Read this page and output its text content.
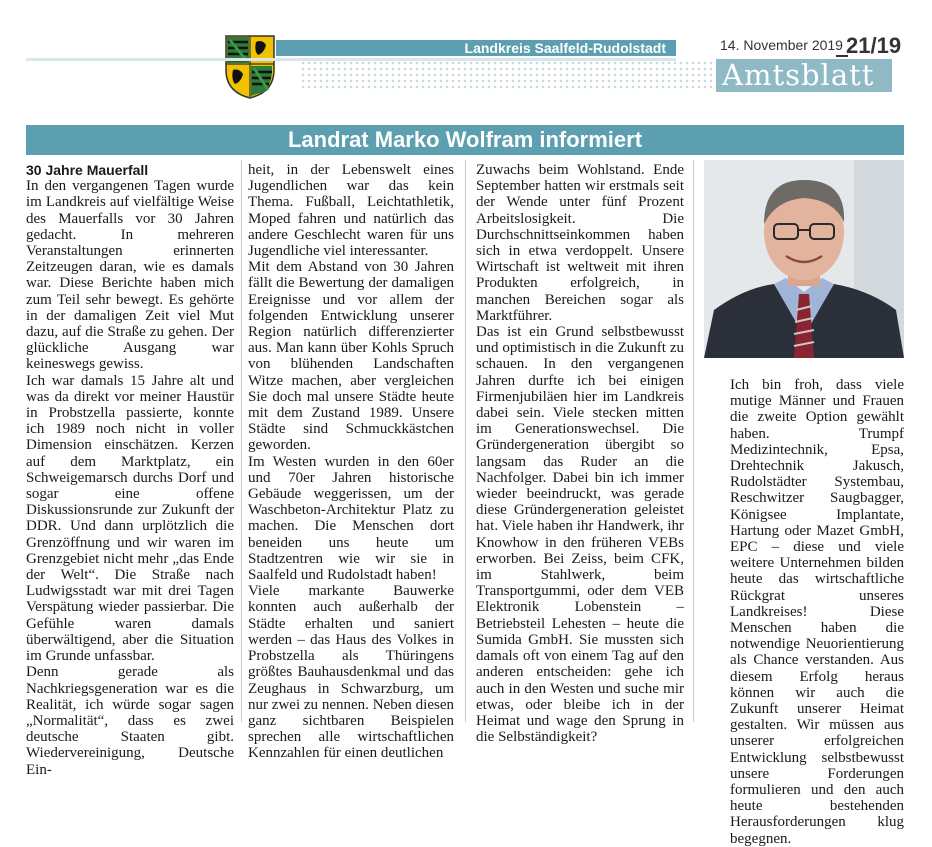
Landkreis Saalfeld-Rudolstadt	14. November 2019 21/19
Amtsblatt
Landrat Marko Wolfram informiert

30 Jahre Mauerfall

In den vergangenen Tagen wurde im Landkreis auf vielfältige Weise des Mauerfalls vor 30 Jahren gedacht. In mehreren Veranstaltungen erinnerten Zeitzeugen daran, wie es damals war. Diese Berichte haben mich zum Teil sehr bewegt. Es gehörte in der damaligen Zeit viel Mut dazu, auf die Straße zu gehen. Der glückliche Ausgang war keineswegs gewiss.

Ich war damals 15 Jahre alt und was da direkt vor meiner Haustür in Probstzella passierte, konnte ich 1989 noch nicht in voller Dimension einschätzen. Kerzen auf dem Marktplatz, ein Schweigemarsch durchs Dorf und sogar eine offene Diskussionsrunde zur Zukunft der DDR. Und dann urplötzlich die Grenzöffnung und wir waren im Grenzgebiet nicht mehr „das Ende der Welt“. Die Straße nach Ludwigsstadt war mit drei Tagen Verspätung wieder passierbar. Die Gefühle waren damals überwältigend, aber die Situation im Grunde unfassbar.

Denn gerade als Nachkriegsgeneration war es die Realität, ich würde sogar sagen „Normalität“, dass es zwei deutsche Staaten gibt. Wiedervereinigung, Deutsche Ein-

heit, in der Lebenswelt eines Jugendlichen war das kein Thema. Fußball, Leichtathletik, Moped fahren und natürlich das andere Geschlecht waren für uns Jugendliche viel interessanter.

Mit dem Abstand von 30 Jahren fällt die Bewertung der damaligen Ereignisse und vor allem der folgenden Entwicklung unserer Region natürlich differenzierter aus. Man kann über Kohls Spruch von blühenden Landschaften Witze machen, aber vergleichen Sie doch mal unsere Städte heute mit dem Zustand 1989. Unsere Städte sind Schmuckkästchen geworden.

Im Westen wurden in den 60er und 70er Jahren historische Gebäude weggerissen, um der Waschbeton-Architektur Platz zu machen. Die Menschen dort beneiden uns heute um Stadtzentren wie wir sie in Saalfeld und Rudolstadt haben!

Viele markante Bauwerke konnten auch außerhalb der Städte erhalten und saniert werden – das Haus des Volkes in Probstzella als Thüringens größtes Bauhausdenkmal und das Zeughaus in Schwarzburg, um nur zwei zu nennen. Neben diesen ganz sichtbaren Beispielen sprechen alle wirtschaftlichen Kennzahlen für einen deutlichen

Zuwachs beim Wohlstand. Ende September hatten wir erstmals seit der Wende unter fünf Prozent Arbeitslosigkeit. Die Durchschnittseinkommen haben sich in etwa verdoppelt. Unsere Wirtschaft ist weltweit mit ihren Produkten erfolgreich, in manchen Bereichen sogar als Marktführer.

Das ist ein Grund selbstbewusst und optimistisch in die Zukunft zu schauen. In den vergangenen Jahren durfte ich bei einigen Firmenjubiläen hier im Landkreis dabei sein. Viele stecken mitten im Generationswechsel. Die Gründergeneration übergibt so langsam das Ruder an die Nachfolger. Dabei bin ich immer wieder beeindruckt, was gerade diese Gründergeneration geleistet hat. Viele haben ihr Handwerk, ihr Knowhow in den früheren VEBs erworben. Bei Zeiss, beim CFK, im Stahlwerk, beim Transportgummi, oder dem VEB Elektronik Lobenstein – Betriebsteil Lehesten – heute die Sumida GmbH. Sie mussten sich damals oft von einem Tag auf den anderen entscheiden: gehe ich auch in den Westen und suche mir etwas, oder bleibe ich in der Heimat und wage den Sprung in die Selbständigkeit?

Ich bin froh, dass viele mutige Männer und Frauen die zweite Option gewählt haben. Trumpf Medizintechnik, Epsa, Drehtechnik Jakusch, Rudolstädter Systembau, Reschwitzer Saugbagger, Königsee Implantate, Hartung oder Mazet GmbH, EPC – diese und viele weitere Unternehmen bilden heute das wirtschaftliche Rückgrat unseres Landkreises! Diese Menschen haben die notwendige Neuorientierung als Chance verstanden. Aus diesem Erfolg heraus können wir auch die Zukunft unserer Heimat gestalten. Wir müssen aus unserer erfolgreichen Entwicklung selbstbewusst unsere Forderungen formulieren und den auch heute bestehenden Herausforderungen klug begegnen.
